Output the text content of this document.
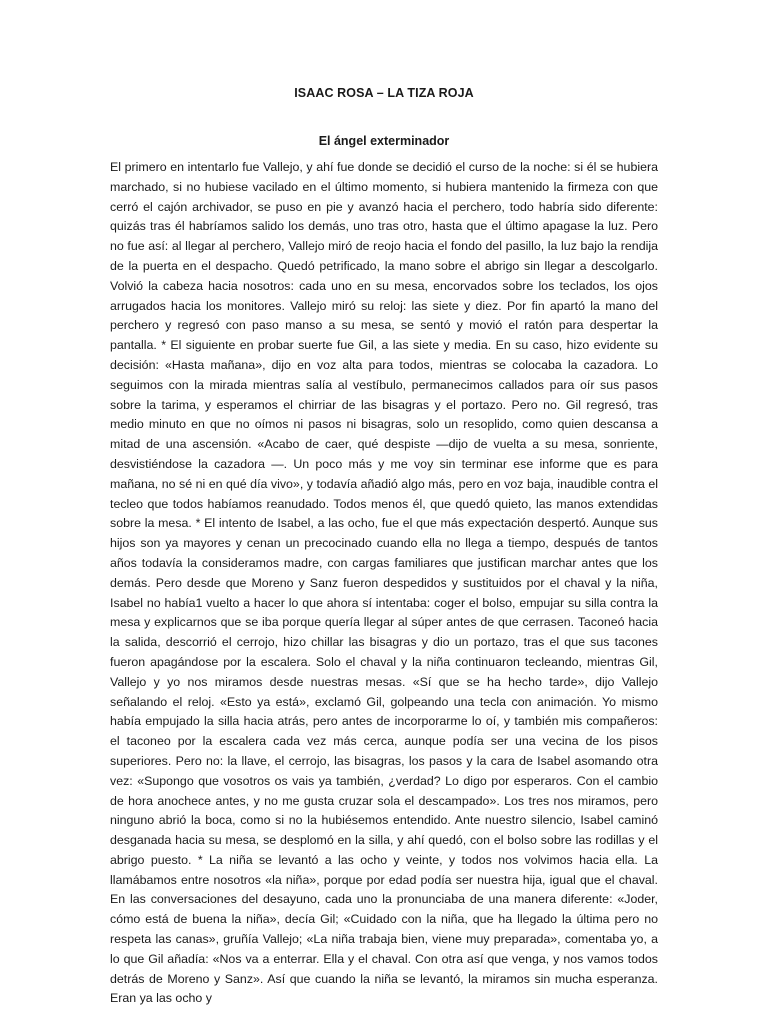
ISAAC ROSA – LA TIZA ROJA
El ángel exterminador

El primero en intentarlo fue Vallejo, y ahí fue donde se decidió el curso de la noche: si él se hubiera marchado, si no hubiese vacilado en el último momento, si hubiera mantenido la firmeza con que cerró el cajón archivador, se puso en pie y avanzó hacia el perchero, todo habría sido diferente: quizás tras él habríamos salido los demás, uno tras otro, hasta que el último apagase la luz. Pero no fue así: al llegar al perchero, Vallejo miró de reojo hacia el fondo del pasillo, la luz bajo la rendija de la puerta en el despacho. Quedó petrificado, la mano sobre el abrigo sin llegar a descolgarlo. Volvió la cabeza hacia nosotros: cada uno en su mesa, encorvados sobre los teclados, los ojos arrugados hacia los monitores. Vallejo miró su reloj: las siete y diez. Por fin apartó la mano del perchero y regresó con paso manso a su mesa, se sentó y movió el ratón para despertar la pantalla. * El siguiente en probar suerte fue Gil, a las siete y media. En su caso, hizo evidente su decisión: «Hasta mañana», dijo en voz alta para todos, mientras se colocaba la cazadora. Lo seguimos con la mirada mientras salía al vestíbulo, permanecimos callados para oír sus pasos sobre la tarima, y esperamos el chirriar de las bisagras y el portazo. Pero no. Gil regresó, tras medio minuto en que no oímos ni pasos ni bisagras, solo un resoplido, como quien descansa a mitad de una ascensión. «Acabo de caer, qué despiste —dijo de vuelta a su mesa, sonriente, desvistiéndose la cazadora —. Un poco más y me voy sin terminar ese informe que es para mañana, no sé ni en qué día vivo», y todavía añadió algo más, pero en voz baja, inaudible contra el tecleo que todos habíamos reanudado. Todos menos él, que quedó quieto, las manos extendidas sobre la mesa. * El intento de Isabel, a las ocho, fue el que más expectación despertó. Aunque sus hijos son ya mayores y cenan un precocinado cuando ella no llega a tiempo, después de tantos años todavía la consideramos madre, con cargas familiares que justifican marchar antes que los demás. Pero desde que Moreno y Sanz fueron despedidos y sustituidos por el chaval y la niña, Isabel no había1 vuelto a hacer lo que ahora sí intentaba: coger el bolso, empujar su silla contra la mesa y explicarnos que se iba porque quería llegar al súper antes de que cerrasen. Taconeó hacia la salida, descorrió el cerrojo, hizo chillar las bisagras y dio un portazo, tras el que sus tacones fueron apagándose por la escalera. Solo el chaval y la niña continuaron tecleando, mientras Gil, Vallejo y yo nos miramos desde nuestras mesas. «Sí que se ha hecho tarde», dijo Vallejo señalando el reloj. «Esto ya está», exclamó Gil, golpeando una tecla con animación. Yo mismo había empujado la silla hacia atrás, pero antes de incorporarme lo oí, y también mis compañeros: el taconeo por la escalera cada vez más cerca, aunque podía ser una vecina de los pisos superiores. Pero no: la llave, el cerrojo, las bisagras, los pasos y la cara de Isabel asomando otra vez: «Supongo que vosotros os vais ya también, ¿verdad? Lo digo por esperaros. Con el cambio de hora anochece antes, y no me gusta cruzar sola el descampado». Los tres nos miramos, pero ninguno abrió la boca, como si no la hubiésemos entendido. Ante nuestro silencio, Isabel caminó desganada hacia su mesa, se desplomó en la silla, y ahí quedó, con el bolso sobre las rodillas y el abrigo puesto. * La niña se levantó a las ocho y veinte, y todos nos volvimos hacia ella. La llamábamos entre nosotros «la niña», porque por edad podía ser nuestra hija, igual que el chaval. En las conversaciones del desayuno, cada uno la pronunciaba de una manera diferente: «Joder, cómo está de buena la niña», decía Gil; «Cuidado con la niña, que ha llegado la última pero no respeta las canas», gruñía Vallejo; «La niña trabaja bien, viene muy preparada», comentaba yo, a lo que Gil añadía: «Nos va a enterrar. Ella y el chaval. Con otra así que venga, y nos vamos todos detrás de Moreno y Sanz». Así que cuando la niña se levantó, la miramos sin mucha esperanza. Eran ya las ocho y
